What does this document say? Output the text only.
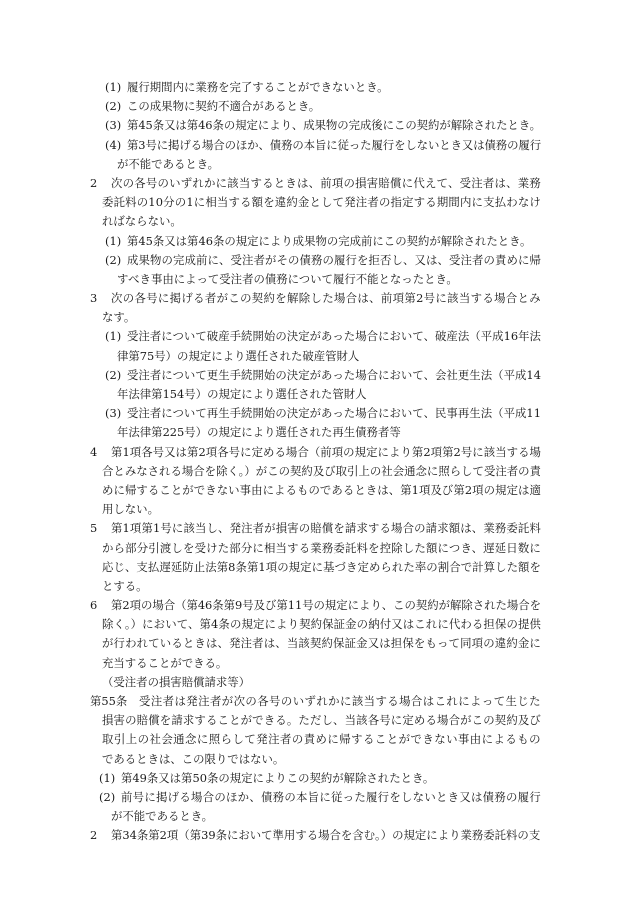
(1) 履行期間内に業務を完了することができないとき。
(2) この成果物に契約不適合があるとき。
(3) 第45条又は第46条の規定により、成果物の完成後にこの契約が解除されたとき。
(4) 第3号に掲げる場合のほか、債務の本旨に従った履行をしないとき又は債務の履行
が不能であるとき。
2 次の各号のいずれかに該当するときは、前項の損害賠償に代えて、受注者は、業務
委託料の10分の1に相当する額を違約金として発注者の指定する期間内に支払わなけ
ればならない。
(1) 第45条又は第46条の規定により成果物の完成前にこの契約が解除されたとき。
(2) 成果物の完成前に、受注者がその債務の履行を拒否し、又は、受注者の責めに帰
すべき事由によって受注者の債務について履行不能となったとき。
3 次の各号に掲げる者がこの契約を解除した場合は、前項第2号に該当する場合とみ
なす。
(1) 受注者について破産手続開始の決定があった場合において、破産法（平成16年法
律第75号）の規定により選任された破産管財人
(2) 受注者について更生手続開始の決定があった場合において、会社更生法（平成14
年法律第154号）の規定により選任された管財人
(3) 受注者について再生手続開始の決定があった場合において、民事再生法（平成11
年法律第225号）の規定により選任された再生債務者等
4 第1項各号又は第2項各号に定める場合（前項の規定により第2項第2号に該当する場
合とみなされる場合を除く。）がこの契約及び取引上の社会通念に照らして受注者の責
めに帰することができない事由によるものであるときは、第1項及び第2項の規定は適
用しない。
5 第1項第1号に該当し、発注者が損害の賠償を請求する場合の請求額は、業務委託料
から部分引渡しを受けた部分に相当する業務委託料を控除した額につき、遅延日数に
応じ、支払遅延防止法第8条第1項の規定に基づき定められた率の割合で計算した額を
とする。
6 第2項の場合（第46条第9号及び第11号の規定により、この契約が解除された場合を
除く。）において、第4条の規定により契約保証金の納付又はこれに代わる担保の提供
が行われているときは、発注者は、当該契約保証金又は担保をもって同項の違約金に
充当することができる。
（受注者の損害賠償請求等）
第55条 受注者は発注者が次の各号のいずれかに該当する場合はこれによって生じた
損害の賠償を請求することができる。ただし、当該各号に定める場合がこの契約及び
取引上の社会通念に照らして発注者の責めに帰することができない事由によるもの
であるときは、この限りではない。
(1) 第49条又は第50条の規定によりこの契約が解除されたとき。
(2) 前号に掲げる場合のほか、債務の本旨に従った履行をしないとき又は債務の履行
が不能であるとき。
2 第34条第2項（第39条において準用する場合を含む。）の規定により業務委託料の支
